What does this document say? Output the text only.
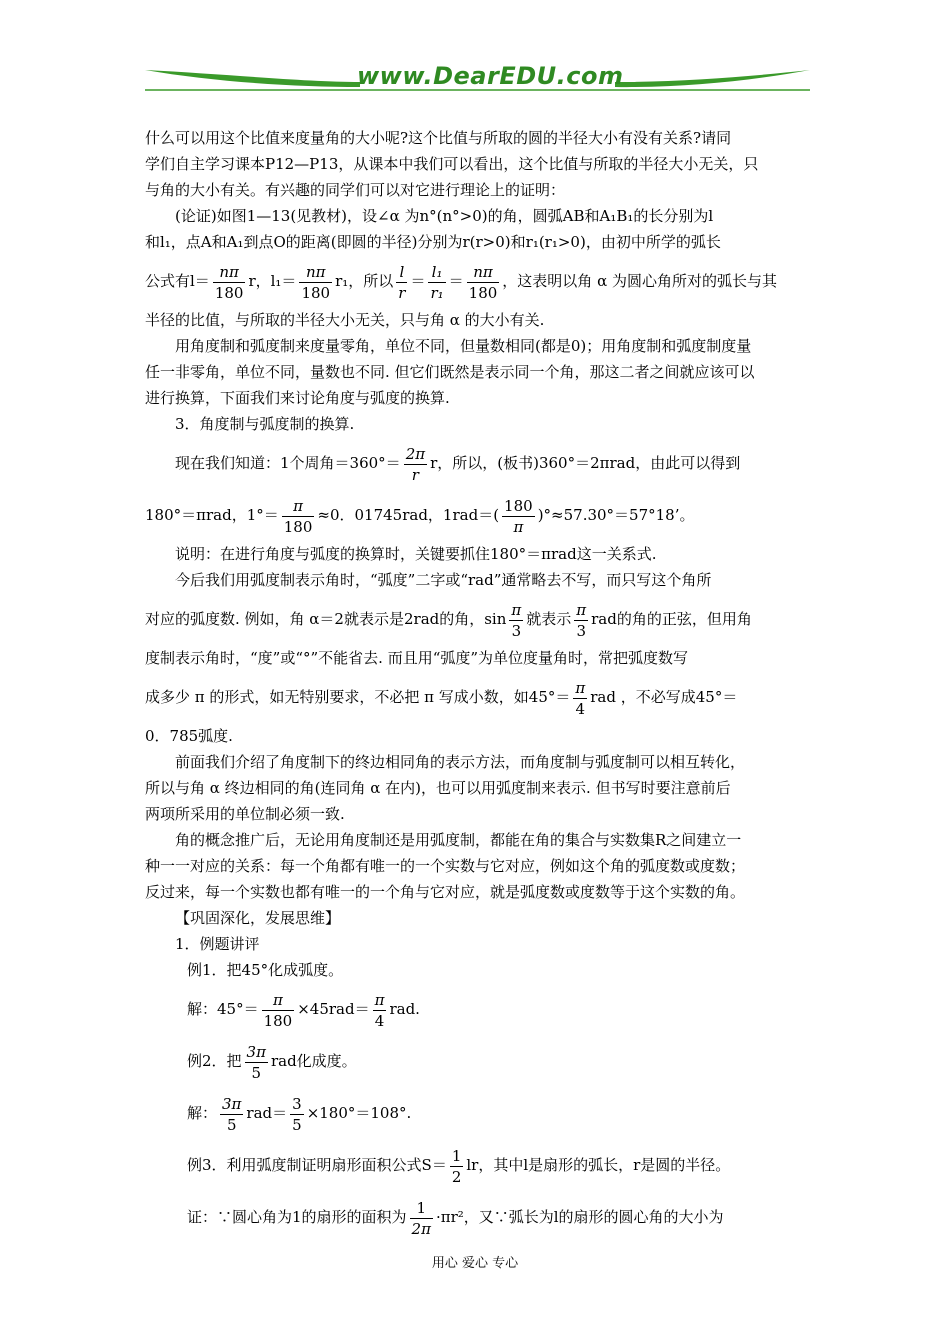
www.DearEDU.com
什么可以用这个比值来度量角的大小呢?这个比值与所取的圆的半径大小有没有关系?请同
学们自主学习课本P12—P13，从课本中我们可以看出，这个比值与所取的半径大小无关，只
与角的大小有关。有兴趣的同学们可以对它进行理论上的证明：
(论证)如图1—13(见教材)，设∠α 为n°(n°>0)的角，圆弧AB和A₁B₁的长分别为l
和l₁，点A和A₁到点O的距离(即圆的半径)分别为r(r>0)和r₁(r₁>0)，由初中所学的弧长
公式有$l= \frac{n\pi}{180}$ r，$l_1= \frac{n\pi}{180} r_1$，所以 $\frac{l}{r} = \frac{\text{l₁}}{\text{r₁}} = \frac{n\pi}{180}$ ，这表明以角 α 为圆心角所对的弧长与其
半径的比值，与所取的半径大小无关，只与角 α 的大小有关.
用角度制和弧度制来度量零角，单位不同，但量数相同(都是0)；用角度制和弧度制度量
任一非零角，单位不同，量数也不同. 但它们既然是表示同一个角，那这二者之间就应该可以
进行换算，下面我们来讨论角度与弧度的换算.
3．角度制与弧度制的换算.
现在我们知道：1个周角$=360^\circ= \frac{2\pi}{r}$ r，所以，(板书)360°＝2πrad，由此可以得到
180°＝πrad，$1^\circ= \frac{\pi}{180} \approx 0$．01745rad，$1rad=( \frac{180}{\pi} )^\circ\approx 57.30^\circ=57^\circ 18$’。
说明：在进行角度与弧度的换算时，关键要抓住180°＝πrad这一关系式.
今后我们用弧度制表示角时，“弧度”二字或“rad”通常略去不写，而只写这个角所
对应的弧度数. 例如，角 α＝2就表示是2rad的角，$\sin \frac{\pi}{3}$ 就表示 $\frac{\pi}{3}$ rad的角的正弦，但用角
度制表示角时，“度”或“°”不能省去. 而且用“弧度”为单位度量角时，常把弧度数写
成多少 π 的形式，如无特别要求，不必把 π 写成小数，如$45^\circ= \frac{\pi}{4}$ rad ，不必写成45°＝
0．785弧度.
前面我们介绍了角度制下的终边相同角的表示方法，而角度制与弧度制可以相互转化，
所以与角 α 终边相同的角(连同角 α 在内)，也可以用弧度制来表示. 但书写时要注意前后
两项所采用的单位制必须一致.
角的概念推广后，无论用角度制还是用弧度制，都能在角的集合与实数集R之间建立一
种一一对应的关系：每一个角都有唯一的一个实数与它对应，例如这个角的弧度数或度数；
反过来，每一个实数也都有唯一的一个角与它对应，就是弧度数或度数等于这个实数的角。
【巩固深化，发展思维】
1．例题讲评
例1．把45°化成弧度。
解：$45^\circ= \frac{\pi}{180} \times 45rad= \frac{\pi}{4}$ rad.
例2．把 $\frac{3\pi}{5}$ rad化成度。
解： $\frac{3\pi}{5} rad= \frac{3}{5} \times 180^\circ=108^\circ$.
例3．利用弧度制证明扇形面积公式$S= \frac{1}{2}$ lr，其中l是扇形的弧长，r是圆的半径。
证：∵圆心角为1的扇形的面积为 $\frac{1}{2\pi} \cdot\pi r^2$，又∵弧长为l的扇形的圆心角的大小为
用心 爱心 专心
